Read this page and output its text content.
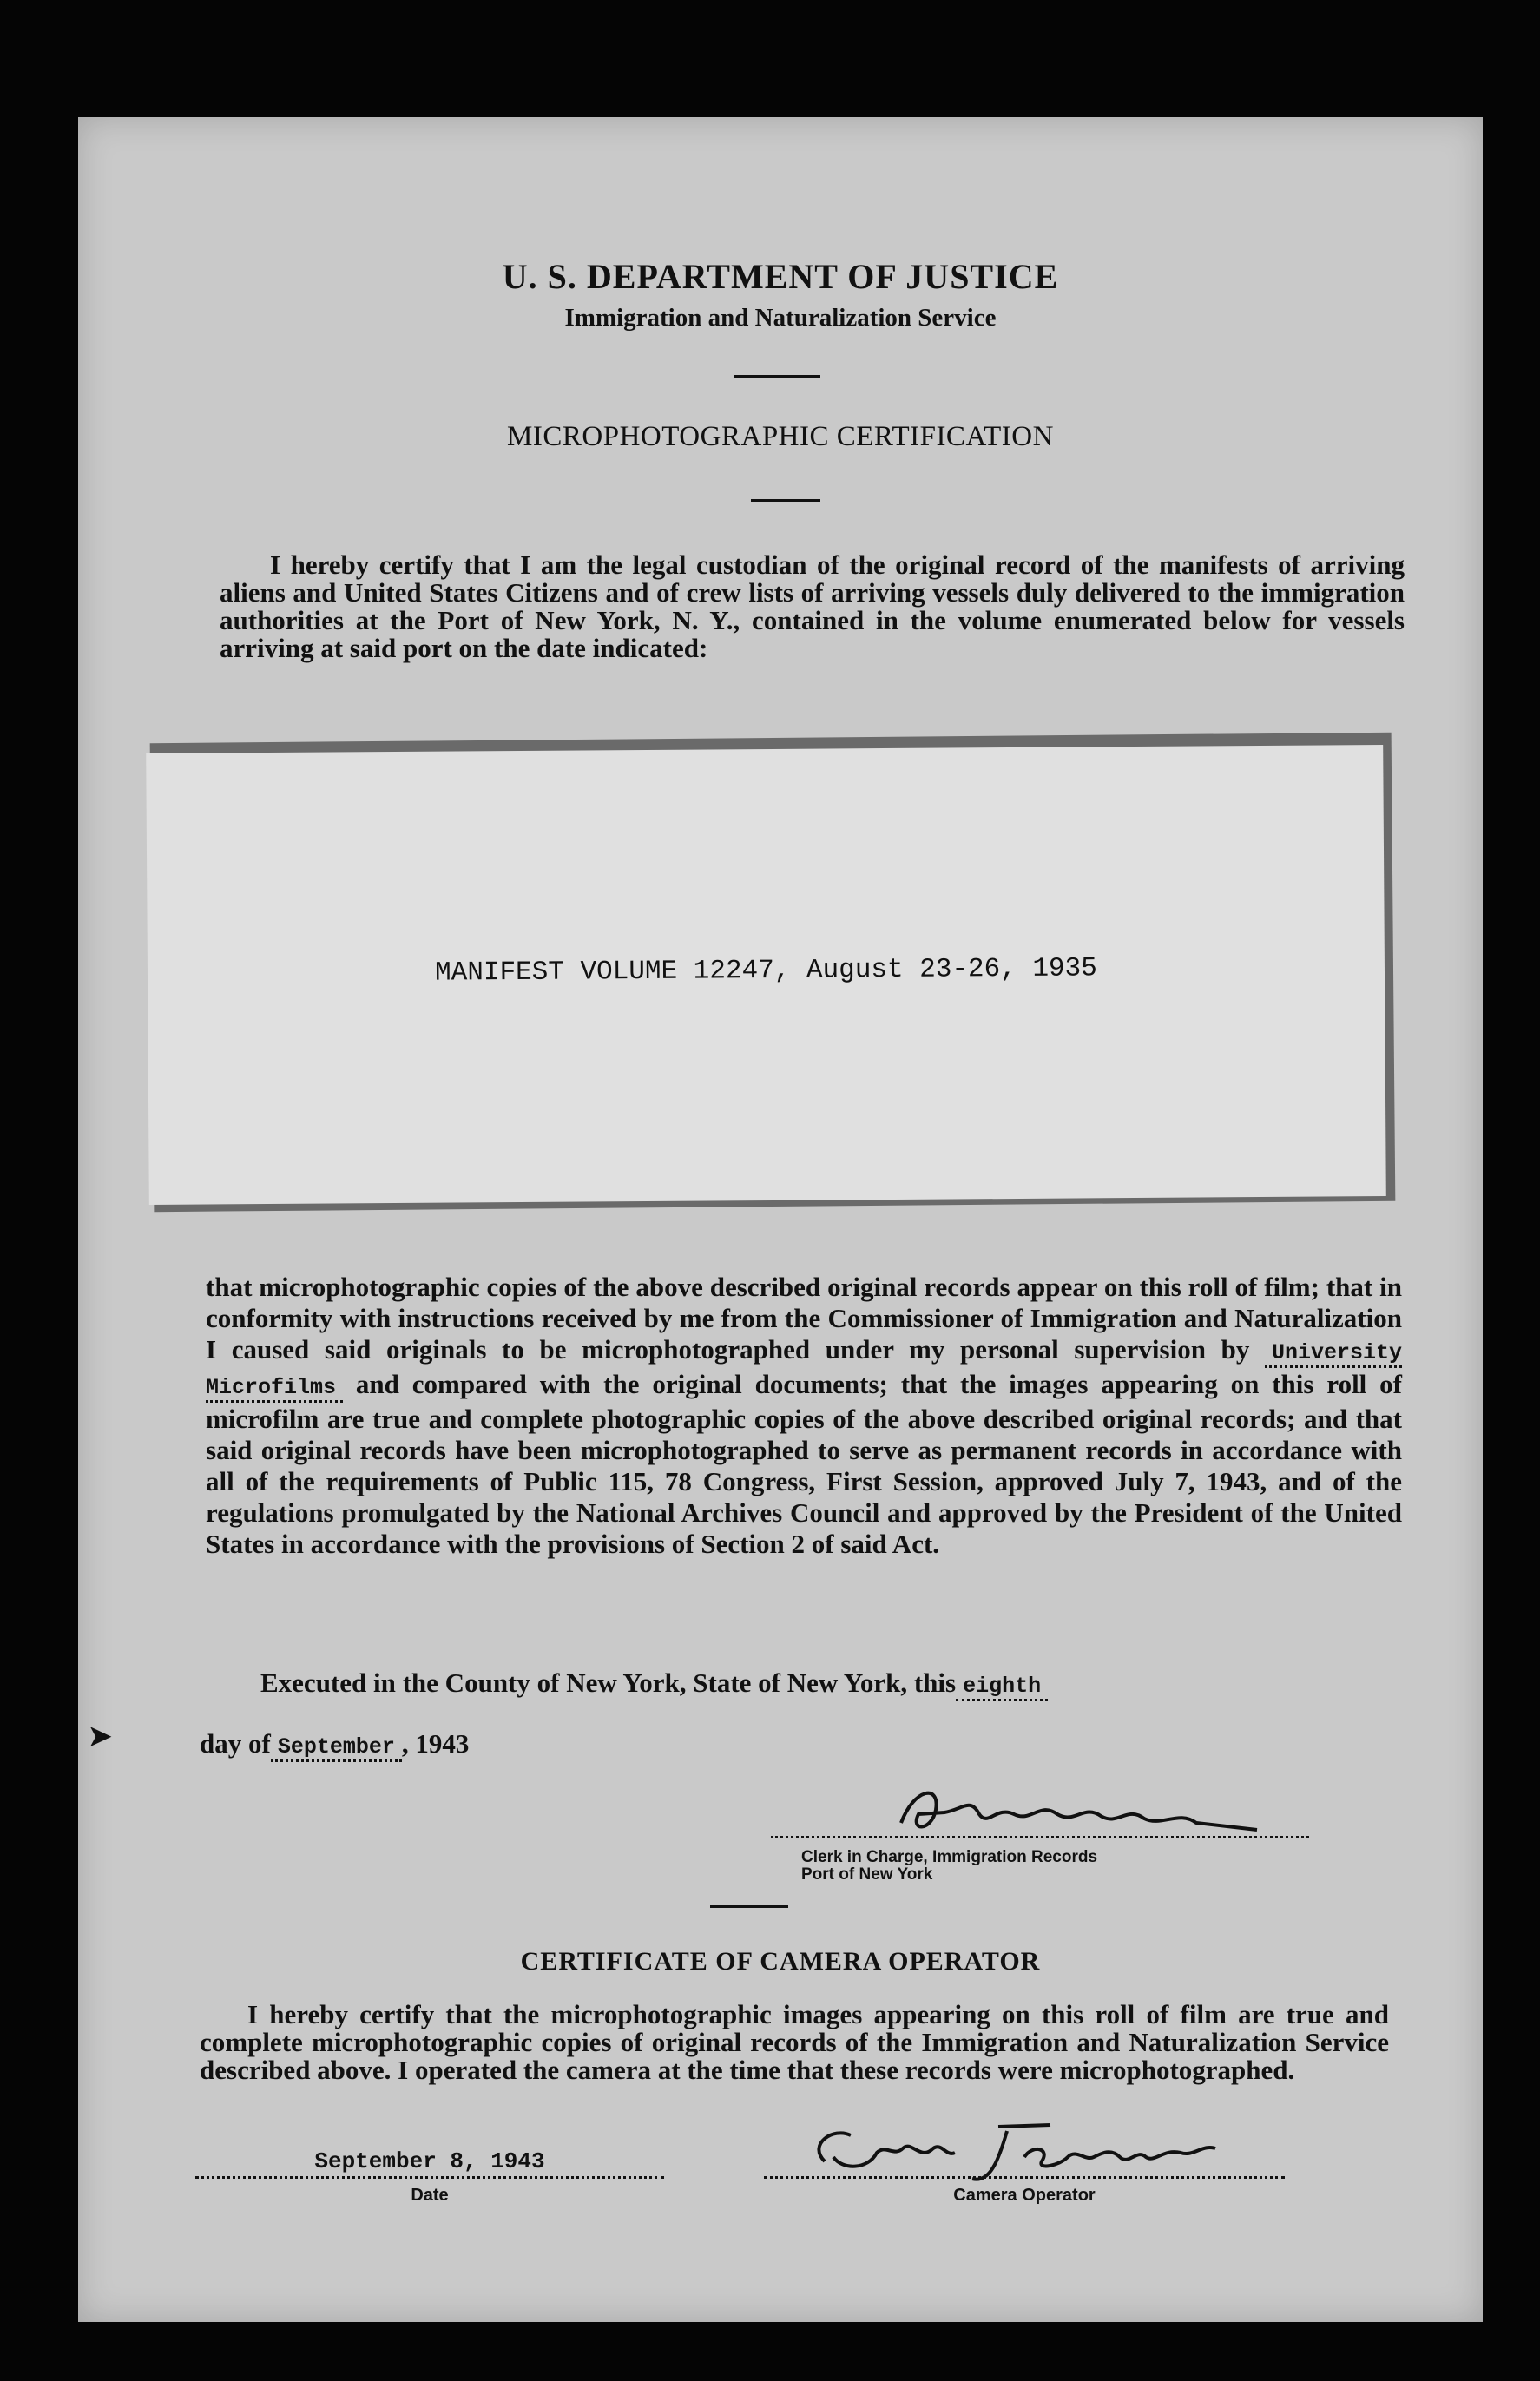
U. S. DEPARTMENT OF JUSTICE
Immigration and Naturalization Service
MICROPHOTOGRAPHIC CERTIFICATION
I hereby certify that I am the legal custodian of the original record of the manifests of arriving aliens and United States Citizens and of crew lists of arriving vessels duly delivered to the immigration authorities at the Port of New York, N. Y., contained in the volume enumerated below for vessels arriving at said port on the date indicated:
MANIFEST VOLUME 12247, August 23-26, 1935
that microphotographic copies of the above described original records appear on this roll of film; that in conformity with instructions received by me from the Commissioner of Immigration and Naturalization I caused said originals to be microphotographed under my personal supervision by University Microfilms and compared with the original documents; that the images appearing on this roll of microfilm are true and complete photographic copies of the above described original records; and that said original records have been microphotographed to serve as permanent records in accordance with all of the requirements of Public 115, 78 Congress, First Session, approved July 7, 1943, and of the regulations promulgated by the National Archives Council and approved by the President of the United States in accordance with the provisions of Section 2 of said Act.
Executed in the County of New York, State of New York, this eighth
day of September , 1943
Clerk in Charge, Immigration Records
Port of New York
CERTIFICATE OF CAMERA OPERATOR
I hereby certify that the microphotographic images appearing on this roll of film are true and complete microphotographic copies of original records of the Immigration and Naturalization Service described above. I operated the camera at the time that these records were microphotographed.
September 8, 1943
Date	Camera Operator
➤
